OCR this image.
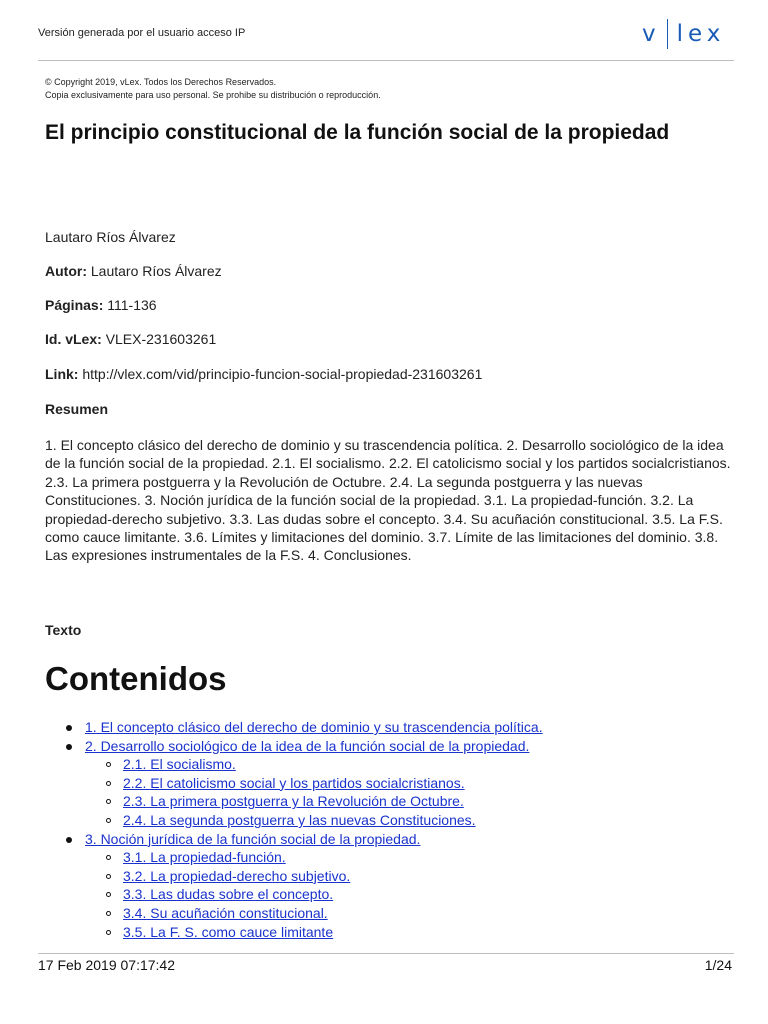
Versión generada por el usuario acceso IP	v lex
© Copyright 2019, vLex. Todos los Derechos Reservados.
Copia exclusivamente para uso personal. Se prohibe su distribución o reproducción.
El principio constitucional de la función social de la propiedad
Lautaro Ríos Álvarez
Autor: Lautaro Ríos Álvarez
Páginas: 111-136
Id. vLex: VLEX-231603261
Link: http://vlex.com/vid/principio-funcion-social-propiedad-231603261
Resumen
1. El concepto clásico del derecho de dominio y su trascendencia política. 2. Desarrollo sociológico de la idea de la función social de la propiedad. 2.1. El socialismo. 2.2. El catolicismo social y los partidos socialcristianos. 2.3. La primera postguerra y la Revolución de Octubre. 2.4. La segunda postguerra y las nuevas Constituciones. 3. Noción jurídica de la función social de la propiedad. 3.1. La propiedad-función. 3.2. La propiedad-derecho subjetivo. 3.3. Las dudas sobre el concepto. 3.4. Su acuñación constitucional. 3.5. La F.S. como cauce limitante. 3.6. Límites y limitaciones del dominio. 3.7. Límite de las limitaciones del dominio. 3.8. Las expresiones instrumentales de la F.S. 4. Conclusiones.
Texto
Contenidos
1. El concepto clásico del derecho de dominio y su trascendencia política.
2. Desarrollo sociológico de la idea de la función social de la propiedad.
2.1. El socialismo.
2.2. El catolicismo social y los partidos socialcristianos.
2.3. La primera postguerra y la Revolución de Octubre.
2.4. La segunda postguerra y las nuevas Constituciones.
3. Noción jurídica de la función social de la propiedad.
3.1. La propiedad-función.
3.2. La propiedad-derecho subjetivo.
3.3. Las dudas sobre el concepto.
3.4. Su acuñación constitucional.
3.5. La F. S. como cauce limitante
17 Feb 2019 07:17:42	1/24
